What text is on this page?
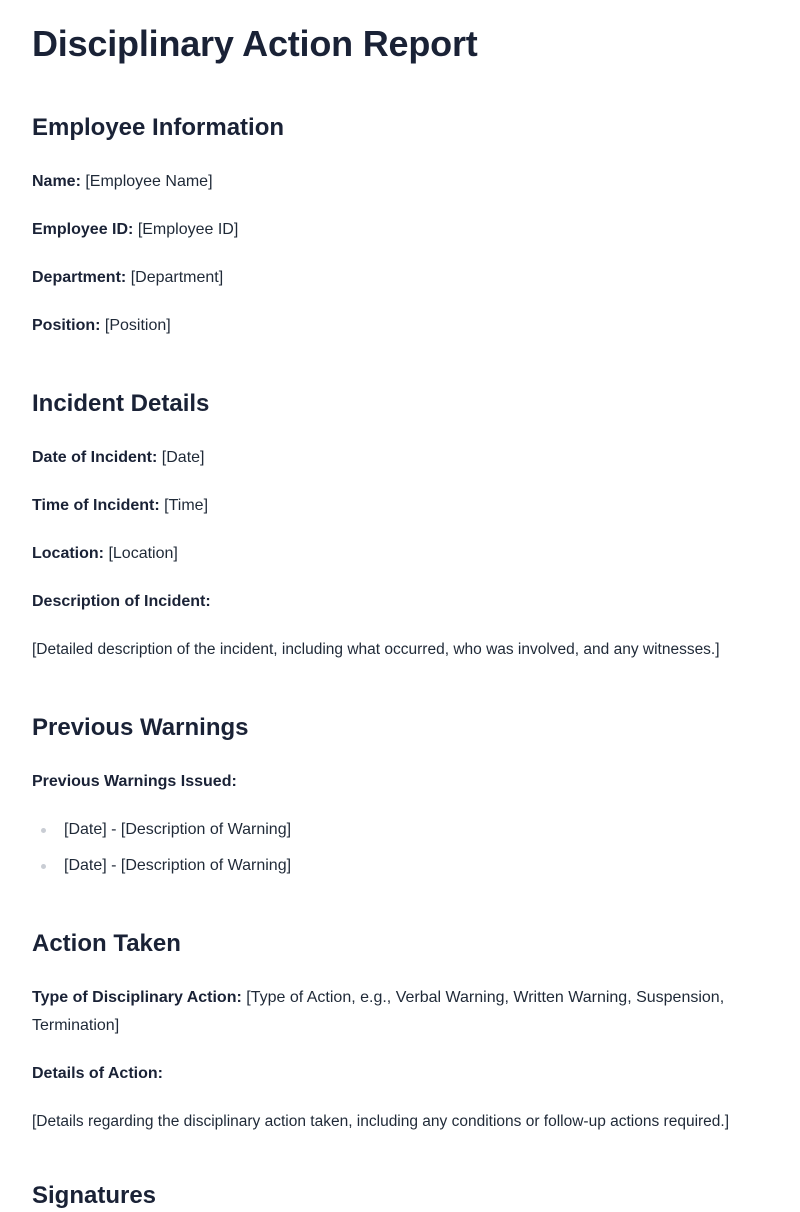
Disciplinary Action Report
Employee Information

Name: [Employee Name]

Employee ID: [Employee ID]

Department: [Department]

Position: [Position]

Incident Details

Date of Incident: [Date]

Time of Incident: [Time]

Location: [Location]

Description of Incident:

[Detailed description of the incident, including what occurred, who was involved, and any witnesses.]

Previous Warnings

Previous Warnings Issued:

[Date] - [Description of Warning]
[Date] - [Description of Warning]
Action Taken

Type of Disciplinary Action: [Type of Action, e.g., Verbal Warning, Written Warning, Suspension, Termination]

Details of Action:

[Details regarding the disciplinary action taken, including any conditions or follow-up actions required.]

Signatures
